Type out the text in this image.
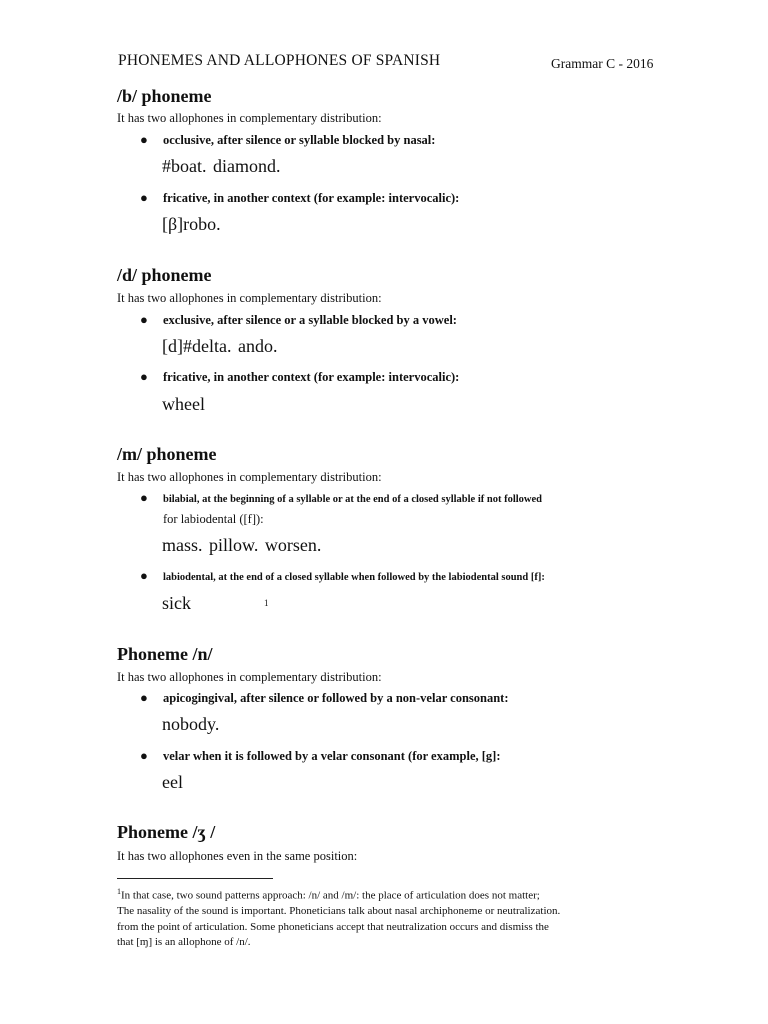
PHONEMES AND ALLOPHONES OF SPANISH	Grammar C - 2016
/b/ phoneme
It has two allophones in complementary distribution:
●	occlusive, after silence or syllable blocked by nasal:
#boat. diamond.
●	fricative, in another context (for example: intervocalic):
[β]robo.
/d/ phoneme
It has two allophones in complementary distribution:
●	exclusive, after silence or a syllable blocked by a vowel:
[d]#delta. ando.
●	fricative, in another context (for example: intervocalic):
wheel
/m/ phoneme
It has two allophones in complementary distribution:
●	bilabial, at the beginning of a syllable or at the end of a closed syllable if not followed
for labiodental ([f]):
mass. pillow. worsen.
●	labiodental, at the end of a closed syllable when followed by the labiodental sound [f]:
sick	1
Phoneme /n/
It has two allophones in complementary distribution:
●	apicogingival, after silence or followed by a non-velar consonant:
nobody.
●	velar when it is followed by a velar consonant (for example, [g]:
eel
Phoneme /ʒ /
It has two allophones even in the same position:
$^1$In that case, two sound patterns approach: /n/ and /m/: the place of articulation does not matter;
The nasality of the sound is important. Phoneticians talk about nasal archiphoneme or neutralization.
from the point of articulation. Some phoneticians accept that neutralization occurs and dismiss the
that [ɱ] is an allophone of /n/.
